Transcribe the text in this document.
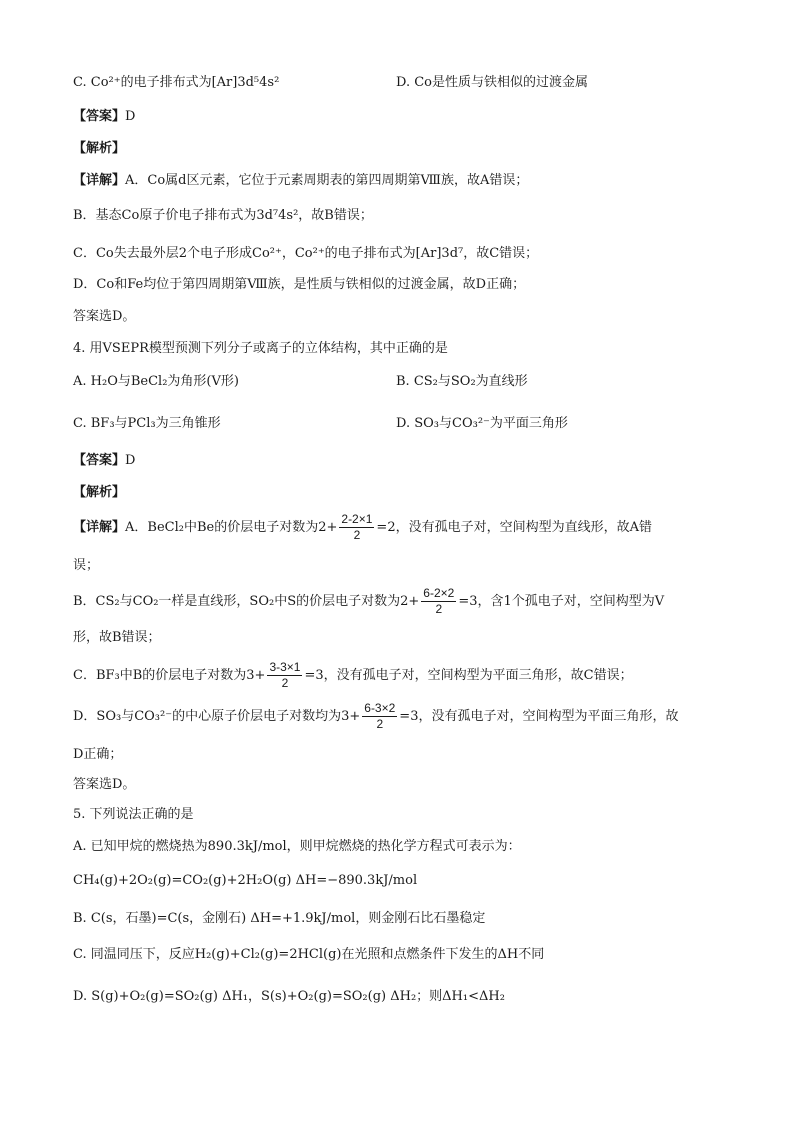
C. Co²⁺的电子排布式为[Ar]3d⁵4s²	D. Co是性质与铁相似的过渡金属
【答案】D
【解析】
【详解】A．Co属d区元素，它位于元素周期表的第四周期第Ⅷ族，故A错误；
B．基态Co原子价电子排布式为3d⁷4s²，故B错误；
C．Co失去最外层2个电子形成Co²⁺，Co²⁺的电子排布式为[Ar]3d⁷，故C错误；
D．Co和Fe均位于第四周期第Ⅷ族，是性质与铁相似的过渡金属，故D正确；
答案选D。
4. 用VSEPR模型预测下列分子或离子的立体结构，其中正确的是
A. H₂O与BeCl₂为角形(V形)	B. CS₂与SO₂为直线形
C. BF₃与PCl₃为三角锥形	D. SO₃与CO₃²⁻为平面三角形
【答案】D
【解析】
【详解】A．BeCl₂中Be的价层电子对数为$2+ \frac{2-2\times 1}{2} =2$，没有孤电子对，空间构型为直线形，故A错
误；
B．CS₂与CO₂一样是直线形，SO₂中S的价层电子对数为$2+ \frac{6-2\times 2}{2} =3$，含1个孤电子对，空间构型为V
形，故B错误；
C．BF₃中B的价层电子对数为$3+ \frac{3-3\times 1}{2} =3$，没有孤电子对，空间构型为平面三角形，故C错误；
D．SO₃与CO₃²⁻的中心原子价层电子对数均为$3+ \frac{6-3\times 2}{2} =3$，没有孤电子对，空间构型为平面三角形，故
D正确；
答案选D。
5. 下列说法正确的是
A. 已知甲烷的燃烧热为890.3kJ/mol，则甲烷燃烧的热化学方程式可表示为：
CH₄(g)+2O₂(g)=CO₂(g)+2H₂O(g) ΔH=−890.3kJ/mol
B. C(s，石墨)=C(s，金刚石) ΔH=+1.9kJ/mol，则金刚石比石墨稳定
C. 同温同压下，反应H₂(g)+Cl₂(g)=2HCl(g)在光照和点燃条件下发生的ΔH不同
D. S(g)+O₂(g)=SO₂(g) ΔH₁，S(s)+O₂(g)=SO₂(g) ΔH₂；则ΔH₁<ΔH₂
